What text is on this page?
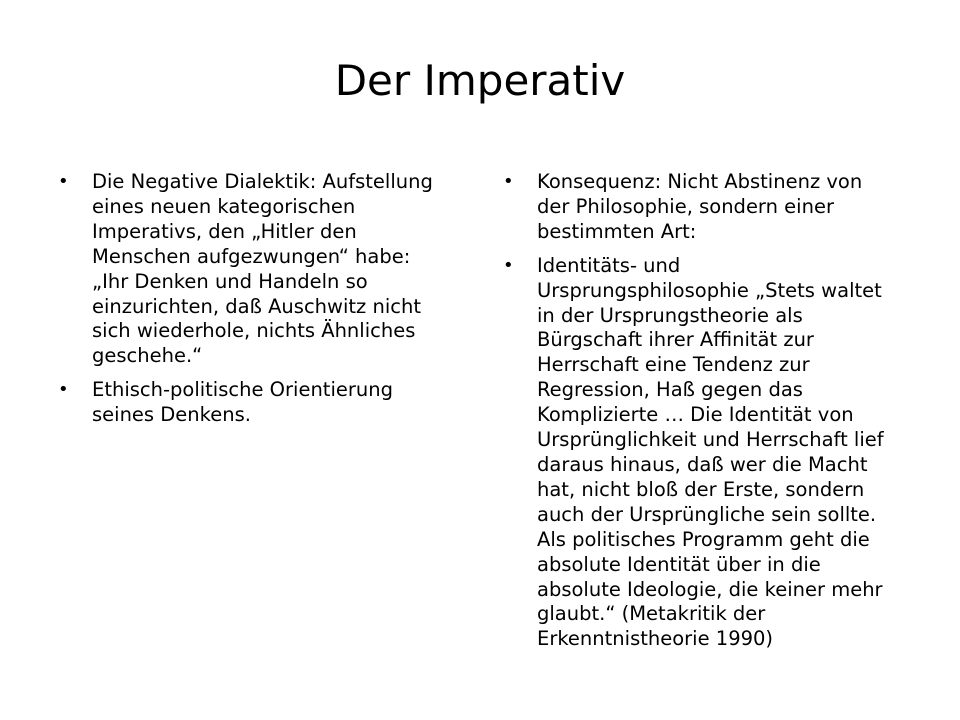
Der Imperativ
•	Die Negative Dialektik: Aufstellung eines neuen kategorischen Imperativs, den „Hitler den Menschen aufgezwungen“ habe: „Ihr Denken und Handeln so einzurichten, daß Auschwitz nicht sich wiederhole, nichts Ähnliches geschehe.“
•	Ethisch-politische Orientierung seines Denkens.
•	Konsequenz: Nicht Abstinenz von der Philosophie, sondern einer bestimmten Art:
•	Identitäts- und Ursprungsphilosophie „Stets waltet in der Ursprungstheorie als Bürgschaft ihrer Affinität zur Herrschaft eine Tendenz zur Regression, Haß gegen das Komplizierte … Die Identität von Ursprünglichkeit und Herrschaft lief daraus hinaus, daß wer die Macht hat, nicht bloß der Erste, sondern auch der Ursprüngliche sein sollte. Als politisches Programm geht die absolute Identität über in die absolute Ideologie, die keiner mehr glaubt.“ (Metakritik der Erkenntnistheorie 1990)
